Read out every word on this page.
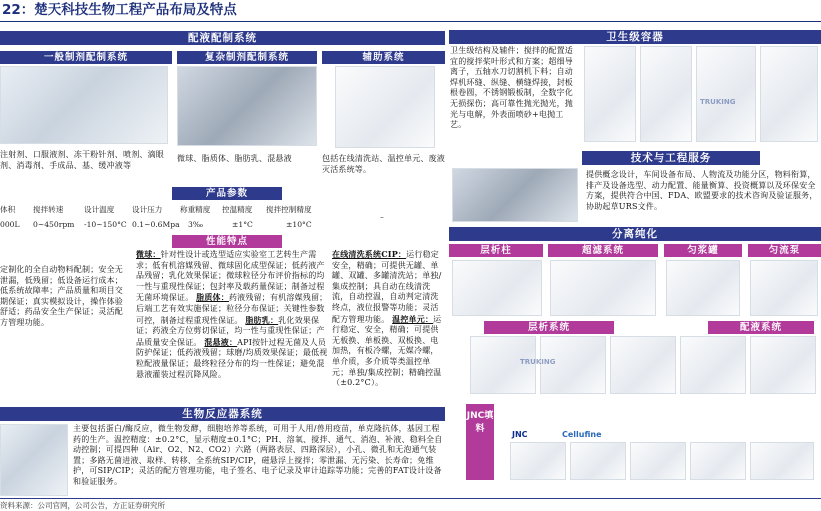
22：楚天科技生物工程产品布局及特点
配液配制系统
一般制剂配制系统	复杂制剂配制系统	辅助系统
注射剂、口服液剂、冻干粉针剂、喷剂、滴眼剂、消毒剂、手成品、基、缓冲液等
微球、脂质体、脂肪乳、混悬液	包括在线清洗站、温控单元、废液灭活系统等。
产品参数
体积 搅拌转速	设计温度 设计压力 称重精度 控温精度 搅拌控制精度
000L 0~450rpm -10~150°C 0.1~0.6Mpa 3‰	±1°C	±10°C
–
性能特点
定制化的全自动物料配制；安全无泄漏，低残留；低设备运行成本；低系统故障率；产品质量和项目交期保证；真实模拟设计，操作体验舒适；药品安全生产保证；灵活配方管理功能。
微球：针对性设计或选型适应实验室工艺转生产需求；低有机溶媒残留、微球固化成型保证；低药液产品残留；乳化效果保证；微球粒径分布评价指标的均一性与重现性保证；包封率及载药量保证；制备过程无菌环境保证。 脂质体：药液残留；有机溶媒残留；后端工艺有效实施保证；粒径分布保证；关键性参数可控，制备过程重现性保证。 脂肪乳：乳化效果保证；药液全方位剪切保证，均一性与重现性保证；产品质量安全保证。 混悬液：API按针过程无菌及人员防护保证；低药液残留；球磨/均质效果保证；最低视粒配液量保证；最终粒径分布的均一性保证；避免混悬液灌装过程沉降风险。
在线清洗系统CIP：运行稳定安全，精确；可提供无罐、单罐、双罐、多罐清洗站；单独/集成控制；具自动在线清洗流，自动控温，自动判定清洗终点，液位报警等功能；灵活配方管理功能。 温控单元：运行稳定、安全，精确；可提供无板换、单板换、双板换、电加热，有板冷螺，无媒冷螺，单介质，多介质等类温控单元；单独/集成控制；精确控温（±0.2°C）。
生物反应器系统
主要包括蛋白/酶反应，微生物发酵，细胞培养等系统，可用于人用/兽用疫苗，单克隆抗体，基因工程药的生产。温控精度：±0.2°C，显示精度±0.1°C；PH、溶氧、搅拌、通气、消泡、补液、稳料全自动控制；可提四种（Air、O2、N2、CO2）六路（两路表层、四路深层），小孔、微孔和无泡通气装置；多路无菌进液、取样、转移、全系统SIP/CIP，磁悬浮上搅拌；零泄漏、无污染、长寿命；免维护，可SIP/CIP；灵活的配方管理功能，电子签名、电子记录及审计追踪等功能；完善的FAT设计设备和验证服务。
卫生级容器
卫生级结构及辅件；搅拌的配置适宜的搅拌桨叶形式和方案；超细导离子，五轴水刀切割机下料；自动焊机环缝、纵缝、横缝焊接，封板根卷圆，不锈钢锻板制，全数字化无损探伤；高可靠性抛光抛光，抛光与电解，外表面喷砂+电抛工艺。
TRUKING
技术与工程服务
提供概念设计，车间设备布局、人物流及功能分区，物料衔算，排产及设备选型、动力配置、能量衡算、投资概算以及环保安全方案，提供符合中国、FDA、欧盟要求的技术咨询及验证服务，协助起草URS文件。
分离纯化
层析柱	超滤系统	匀浆罐	匀流泵
层析系统	配液系统
TRUKING
JNC填料
JNC	Cellufine
资料来源：公司官网，公司公告，方正证券研究所
